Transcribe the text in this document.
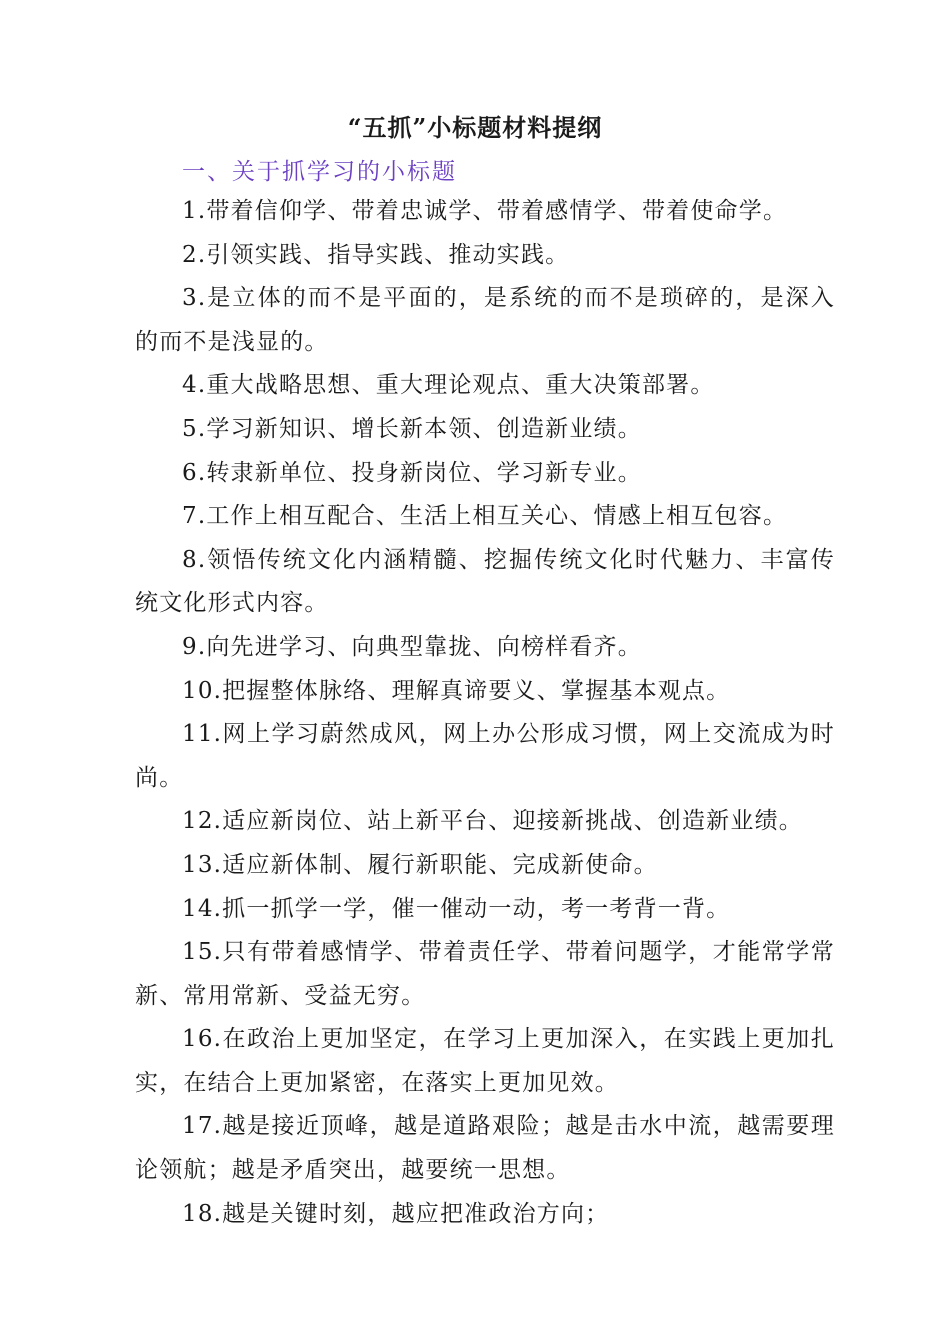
“五抓”小标题材料提纲
一、关于抓学习的小标题

1.带着信仰学、带着忠诚学、带着感情学、带着使命学。

2.引领实践、指导实践、推动实践。

3.是立体的而不是平面的，是系统的而不是琐碎的，是深入的而不是浅显的。

4.重大战略思想、重大理论观点、重大决策部署。

5.学习新知识、增长新本领、创造新业绩。

6.转隶新单位、投身新岗位、学习新专业。

7.工作上相互配合、生活上相互关心、情感上相互包容。

8.领悟传统文化内涵精髓、挖掘传统文化时代魅力、丰富传统文化形式内容。

9.向先进学习、向典型靠拢、向榜样看齐。

10.把握整体脉络、理解真谛要义、掌握基本观点。

11.网上学习蔚然成风，网上办公形成习惯，网上交流成为时尚。

12.适应新岗位、站上新平台、迎接新挑战、创造新业绩。

13.适应新体制、履行新职能、完成新使命。

14.抓一抓学一学，催一催动一动，考一考背一背。

15.只有带着感情学、带着责任学、带着问题学，才能常学常新、常用常新、受益无穷。

16.在政治上更加坚定，在学习上更加深入，在实践上更加扎实，在结合上更加紧密，在落实上更加见效。

17.越是接近顶峰，越是道路艰险；越是击水中流，越需要理论领航；越是矛盾突出，越要统一思想。

18.越是关键时刻，越应把准政治方向；
